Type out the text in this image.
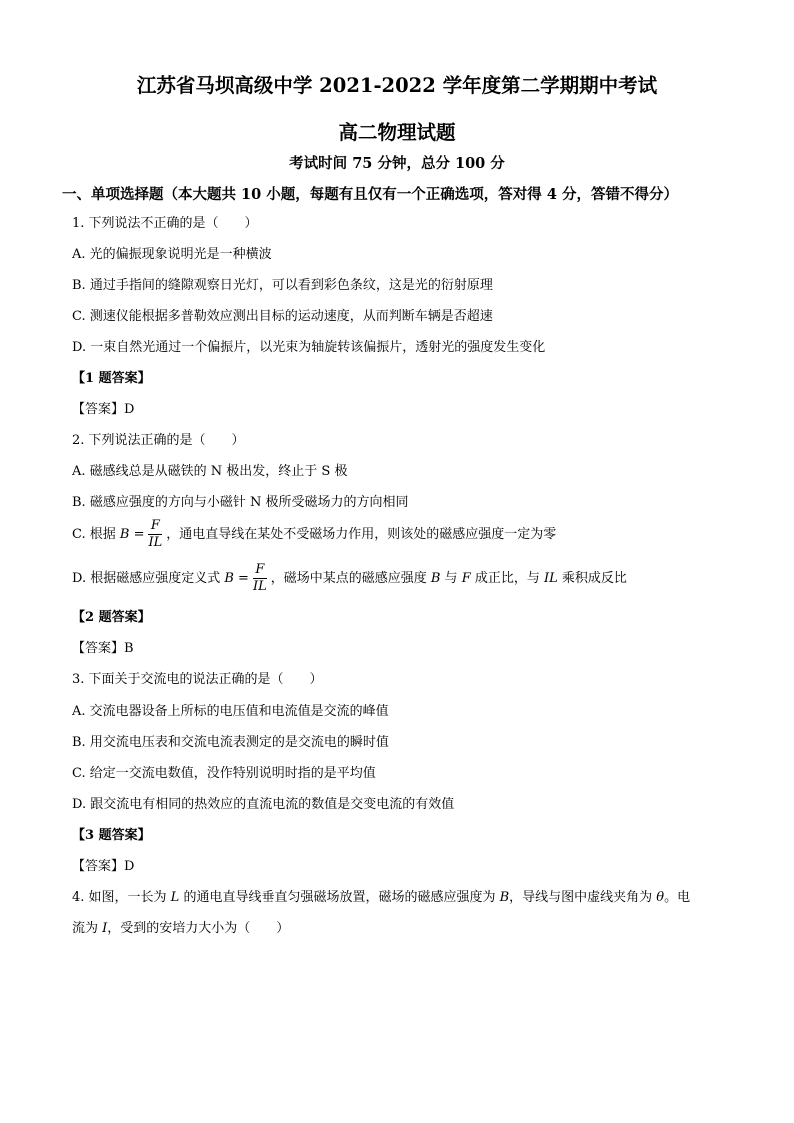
江苏省马坝高级中学 2021-2022 学年度第二学期期中考试
高二物理试题
考试时间 75 分钟，总分 100 分
一、单项选择题（本大题共 10 小题，每题有且仅有一个正确选项，答对得 4 分，答错不得分）
1. 下列说法不正确的是（　　）
A. 光的偏振现象说明光是一种横波
B. 通过手指间的缝隙观察日光灯，可以看到彩色条纹，这是光的衍射原理
C. 测速仪能根据多普勒效应测出目标的运动速度，从而判断车辆是否超速
D. 一束自然光通过一个偏振片，以光束为轴旋转该偏振片，透射光的强度发生变化
【1 题答案】
【答案】D
2. 下列说法正确的是（　　）
A. 磁感线总是从磁铁的 N 极出发，终止于 S 极
B. 磁感应强度的方向与小磁针 N 极所受磁场力的方向相同
C. 根据 $B = \frac{F}{IL}$ ，通电直导线在某处不受磁场力作用，则该处的磁感应强度一定为零
D. 根据磁感应强度定义式 $B = \frac{F}{IL}$ ，磁场中某点的磁感应强度 B 与 F 成正比，与 IL 乘积成反比
【2 题答案】
【答案】B
3. 下面关于交流电的说法正确的是（　　）
A. 交流电器设备上所标的电压值和电流值是交流的峰值
B. 用交流电压表和交流电流表测定的是交流电的瞬时值
C. 给定一交流电数值，没作特别说明时指的是平均值
D. 跟交流电有相同的热效应的直流电流的数值是交变电流的有效值
【3 题答案】
【答案】D
4. 如图，一长为 L 的通电直导线垂直匀强磁场放置，磁场的磁感应强度为 B，导线与图中虚线夹角为 θ。电
流为 I，受到的安培力大小为（　　）
